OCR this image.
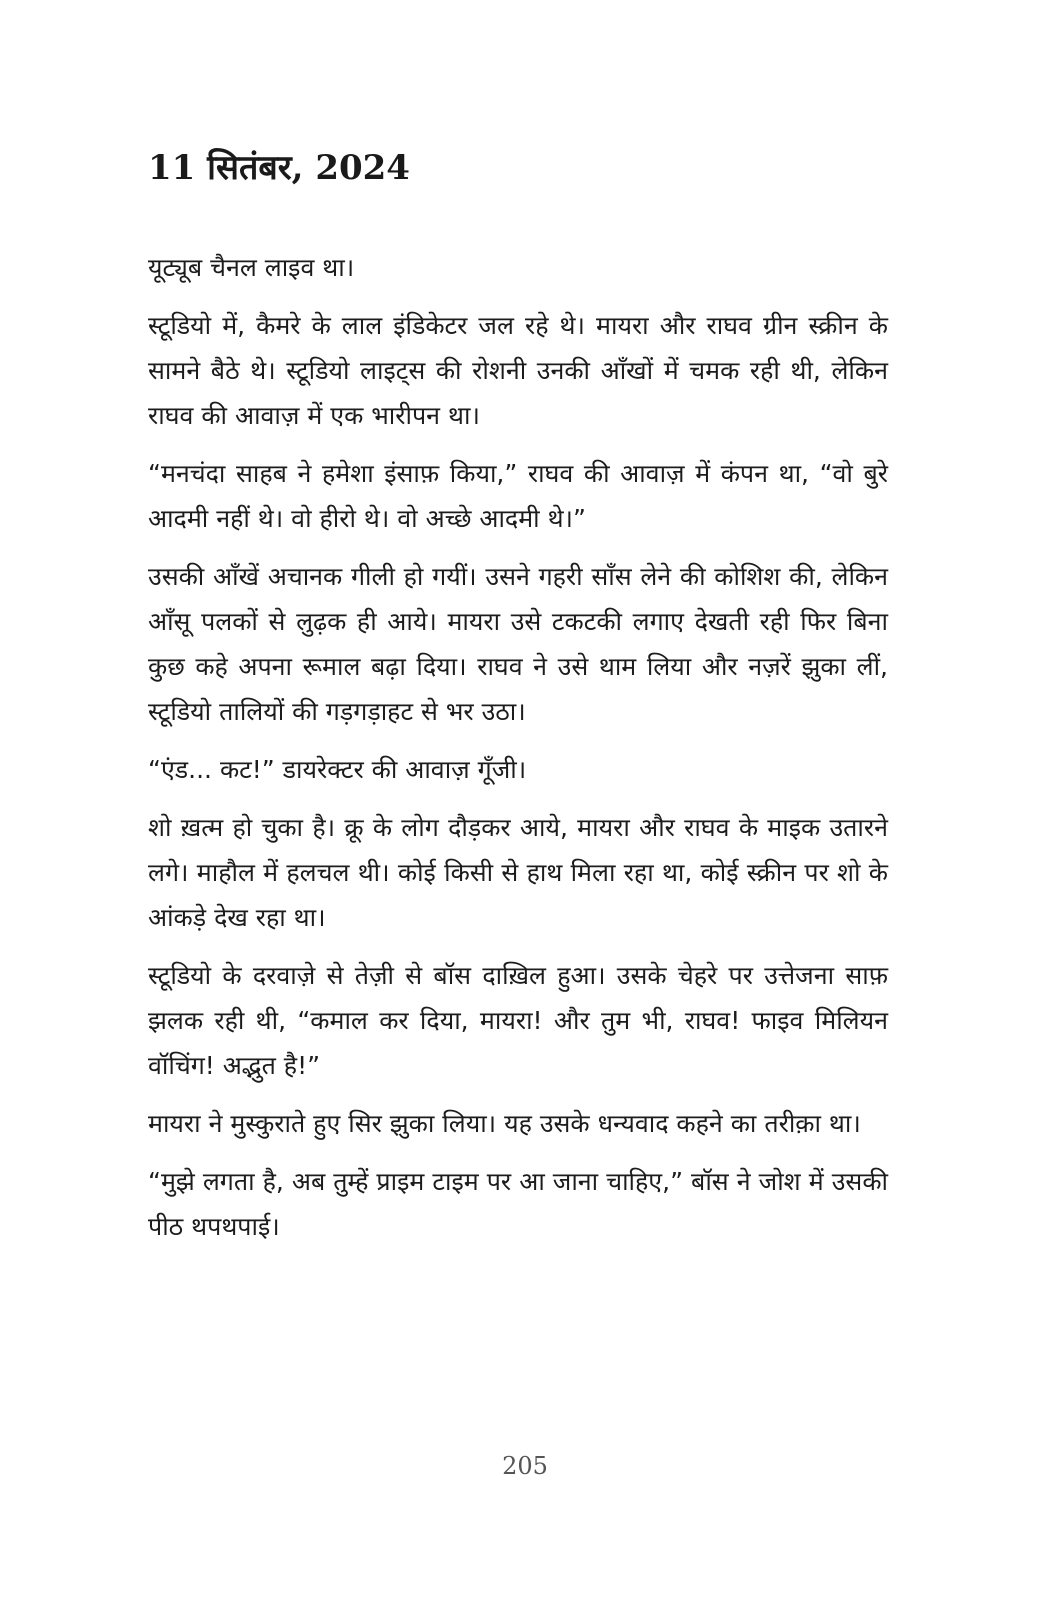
11 सितंबर, 2024

यूट्यूब चैनल लाइव था।

स्टूडियो में, कैमरे के लाल इंडिकेटर जल रहे थे। मायरा और राघव ग्रीन स्क्रीन के सामने बैठे थे। स्टूडियो लाइट्स की रोशनी उनकी आँखों में चमक रही थी, लेकिन राघव की आवाज़ में एक भारीपन था।

“मनचंदा साहब ने हमेशा इंसाफ़ किया,” राघव की आवाज़ में कंपन था, “वो बुरे आदमी नहीं थे। वो हीरो थे। वो अच्छे आदमी थे।”

उसकी आँखें अचानक गीली हो गयीं। उसने गहरी साँस लेने की कोशिश की, लेकिन आँसू पलकों से लुढ़क ही आये। मायरा उसे टकटकी लगाए देखती रही फिर बिना कुछ कहे अपना रूमाल बढ़ा दिया। राघव ने उसे थाम लिया और नज़रें झुका लीं, स्टूडियो तालियों की गड़गड़ाहट से भर उठा।

“एंड... कट!” डायरेक्टर की आवाज़ गूँजी।

शो ख़त्म हो चुका है। क्रू के लोग दौड़कर आये, मायरा और राघव के माइक उतारने लगे। माहौल में हलचल थी। कोई किसी से हाथ मिला रहा था, कोई स्क्रीन पर शो के आंकड़े देख रहा था।

स्टूडियो के दरवाज़े से तेज़ी से बॉस दाख़िल हुआ। उसके चेहरे पर उत्तेजना साफ़ झलक रही थी, “कमाल कर दिया, मायरा! और तुम भी, राघव! फाइव मिलियन वॉचिंग! अद्भुत है!”

मायरा ने मुस्कुराते हुए सिर झुका लिया। यह उसके धन्यवाद कहने का तरीक़ा था।

“मुझे लगता है, अब तुम्हें प्राइम टाइम पर आ जाना चाहिए,” बॉस ने जोश में उसकी पीठ थपथपाई।

205
